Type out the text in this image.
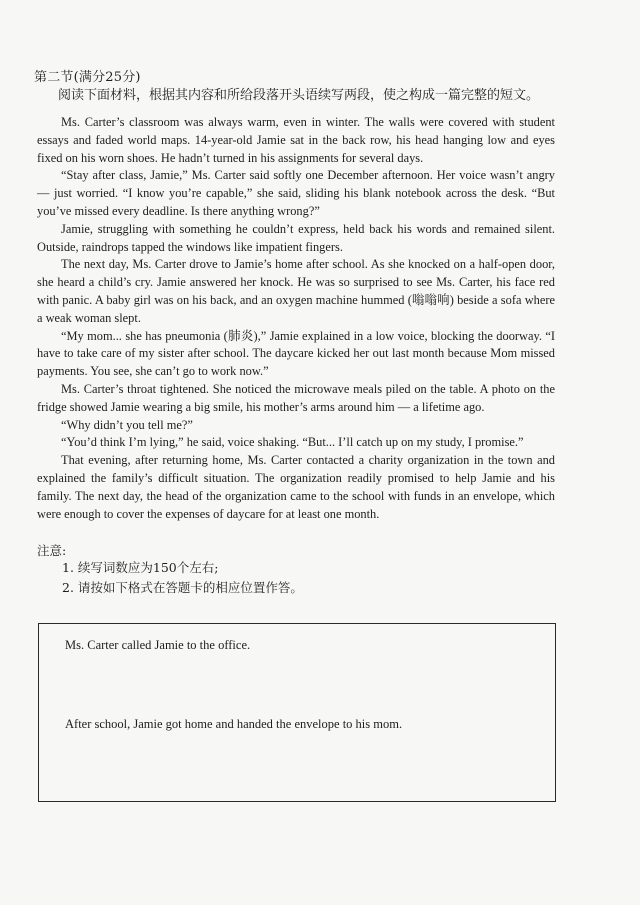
第二节(满分25分)
阅读下面材料，根据其内容和所给段落开头语续写两段，使之构成一篇完整的短文。

Ms. Carter’s classroom was always warm, even in winter. The walls were covered with student essays and faded world maps. 14-year-old Jamie sat in the back row, his head hanging low and eyes fixed on his worn shoes. He hadn’t turned in his assignments for several days.

“Stay after class, Jamie,” Ms. Carter said softly one December afternoon. Her voice wasn’t angry — just worried. “I know you’re capable,” she said, sliding his blank notebook across the desk. “But you’ve missed every deadline. Is there anything wrong?”

Jamie, struggling with something he couldn’t express, held back his words and remained silent. Outside, raindrops tapped the windows like impatient fingers.

The next day, Ms. Carter drove to Jamie’s home after school. As she knocked on a half-open door, she heard a child’s cry. Jamie answered her knock. He was so surprised to see Ms. Carter, his face red with panic. A baby girl was on his back, and an oxygen machine hummed (嗡嗡响) beside a sofa where a weak woman slept.

“My mom... she has pneumonia (肺炎),” Jamie explained in a low voice, blocking the doorway. “I have to take care of my sister after school. The daycare kicked her out last month because Mom missed payments. You see, she can’t go to work now.”

Ms. Carter’s throat tightened. She noticed the microwave meals piled on the table. A photo on the fridge showed Jamie wearing a big smile, his mother’s arms around him — a lifetime ago.

“Why didn’t you tell me?”

“You’d think I’m lying,” he said, voice shaking. “But... I’ll catch up on my study, I promise.”

That evening, after returning home, Ms. Carter contacted a charity organization in the town and explained the family’s difficult situation. The organization readily promised to help Jamie and his family. The next day, the head of the organization came to the school with funds in an envelope, which were enough to cover the expenses of daycare for at least one month.

注意:
1. 续写词数应为150个左右;
2. 请按如下格式在答题卡的相应位置作答。
Ms. Carter called Jamie to the office.
After school, Jamie got home and handed the envelope to his mom.
